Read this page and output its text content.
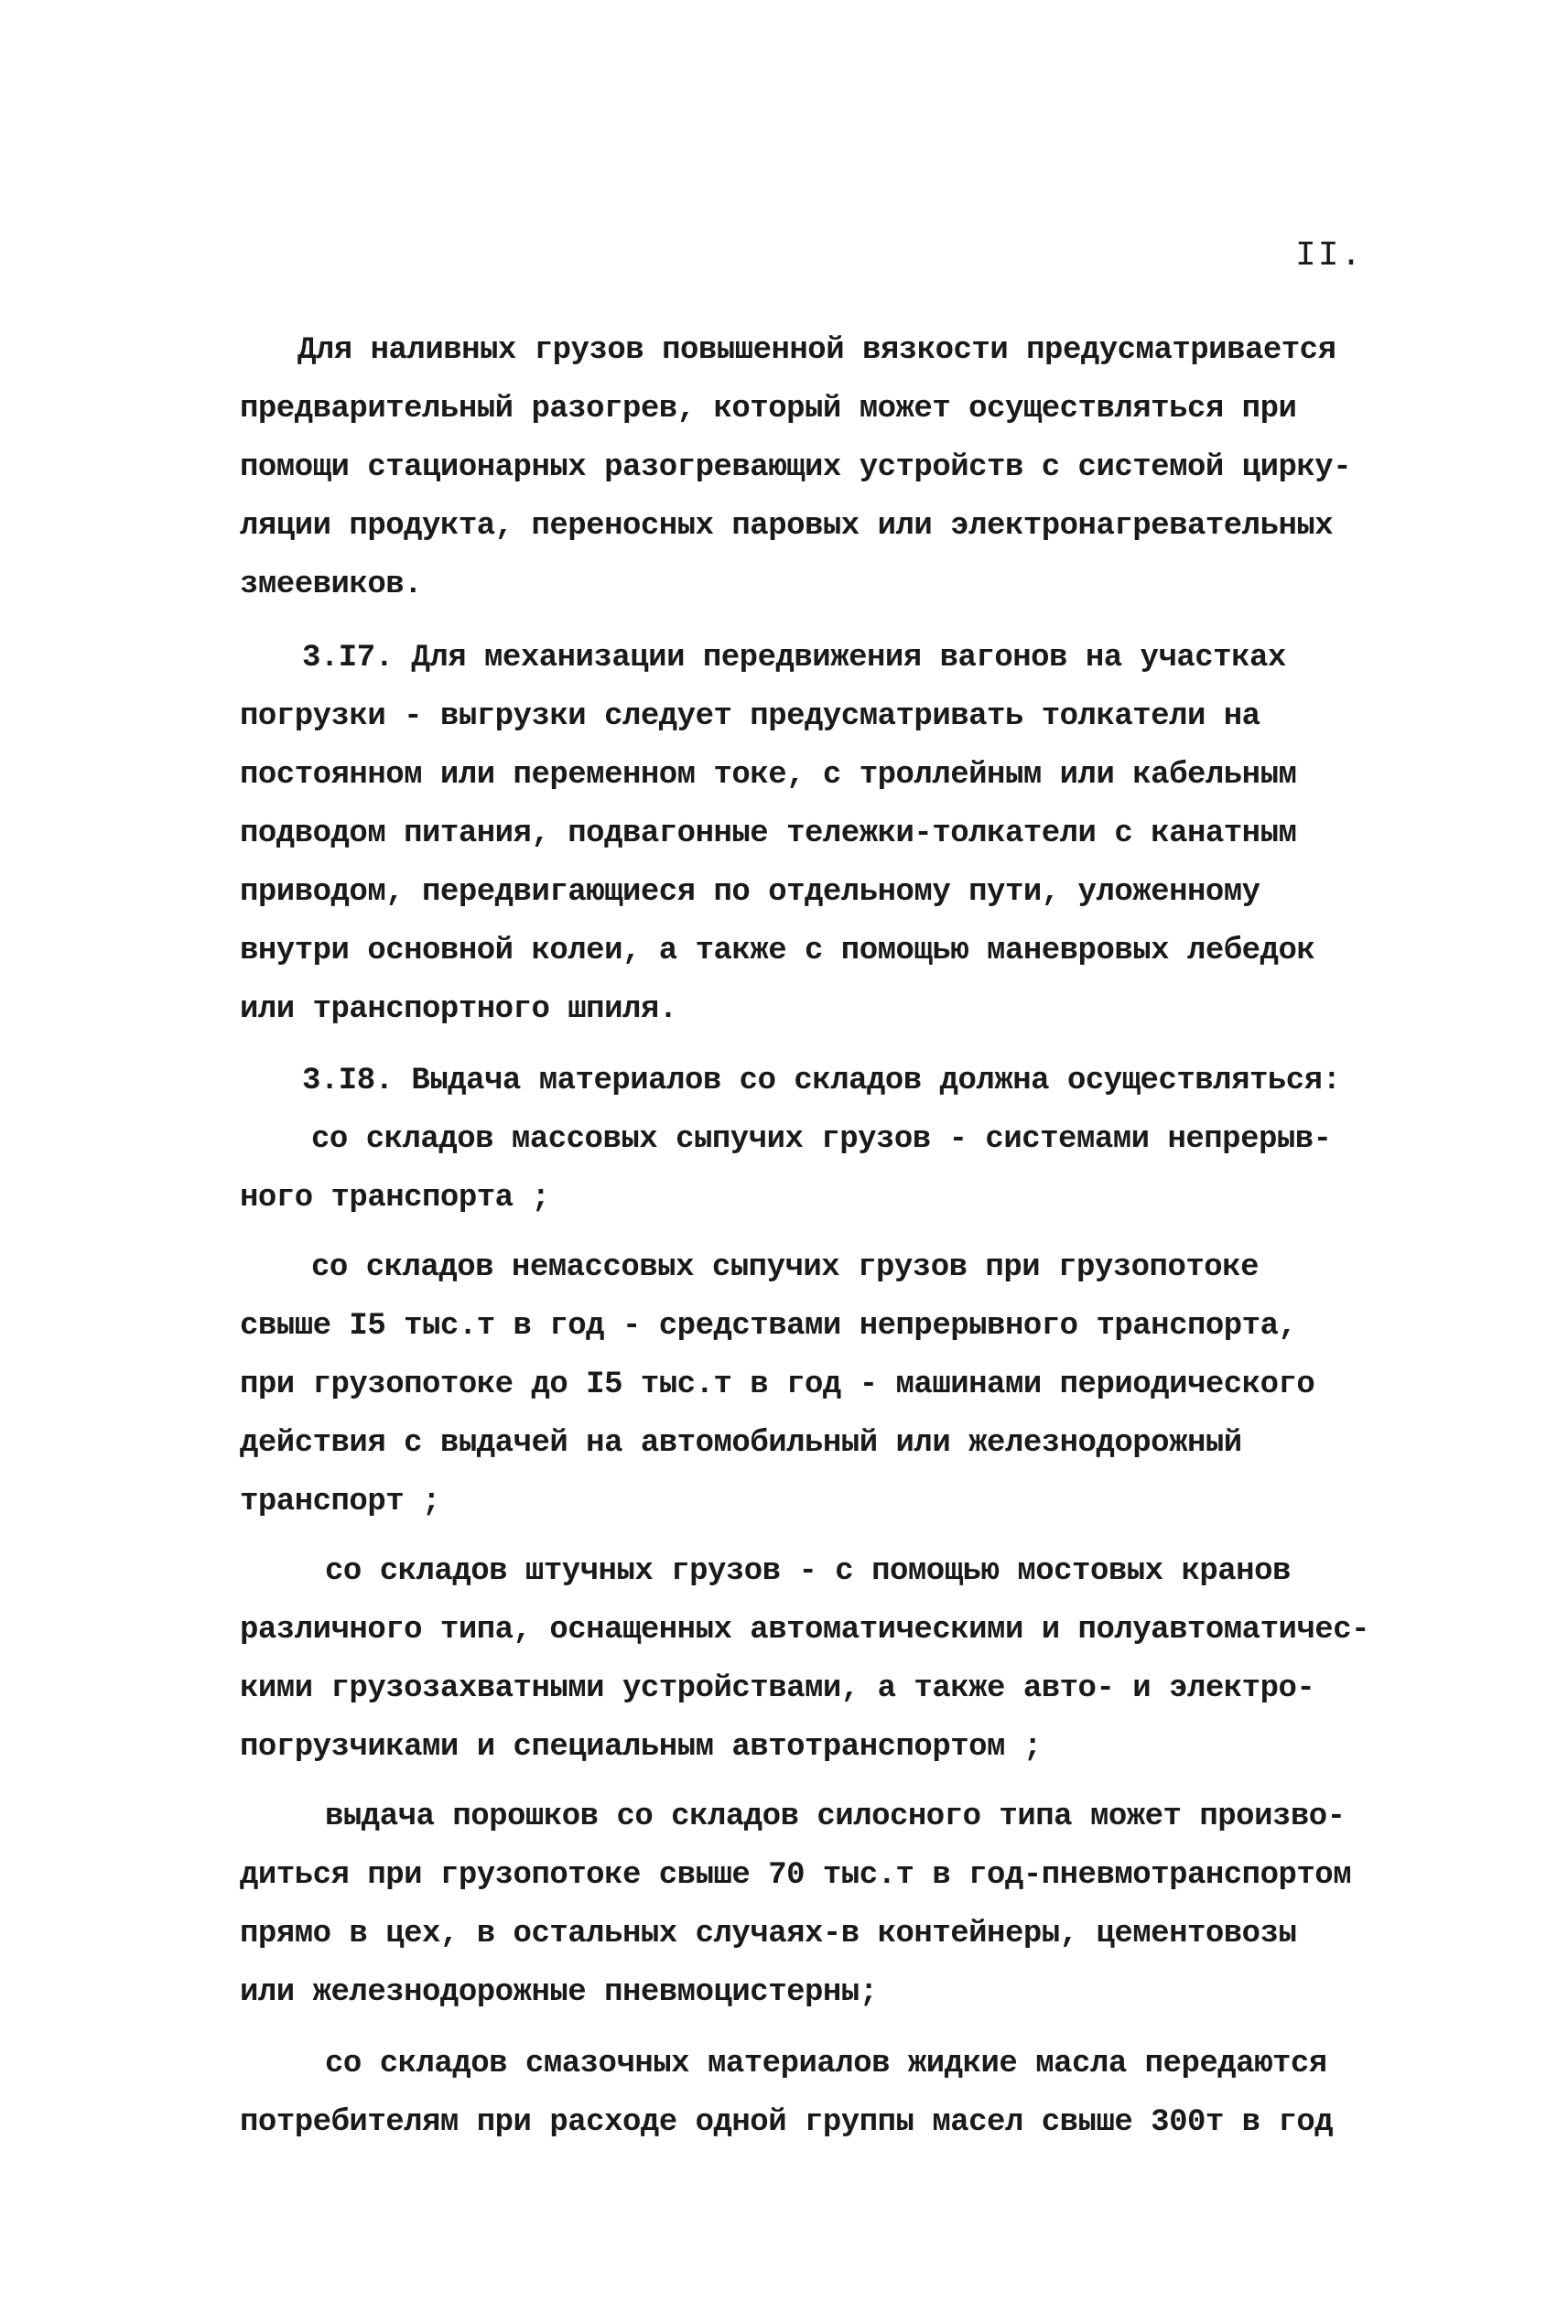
II.
Для наливных грузов повышенной вязкости предусматривается
предварительный разогрев, который может осуществляться при
помощи стационарных разогревающих устройств с системой цирку-
ляции продукта, переносных паровых или электронагревательных
змеевиков.
3.I7. Для механизации передвижения вагонов на участках
погрузки - выгрузки следует предусматривать толкатели на
постоянном или переменном токе, с троллейным или кабельным
подводом питания, подвагонные тележки-толкатели с канатным
приводом, передвигающиеся по отдельному пути, уложенному
внутри основной колеи, а также с помощью маневровых лебедок
или транспортного шпиля.
3.I8. Выдача материалов со складов должна осуществляться:
со складов массовых сыпучих грузов - системами непрерыв-
ного транспорта ;
со складов немассовых сыпучих грузов при грузопотоке
свыше I5 тыс.т в год - средствами непрерывного транспорта,
при грузопотоке до I5 тыс.т в год - машинами периодического
действия с выдачей на автомобильный или железнодорожный
транспорт ;
со складов штучных грузов - с помощью мостовых кранов
различного типа, оснащенных автоматическими и полуавтоматичес-
кими грузозахватными устройствами, а также авто- и электро-
погрузчиками и специальным автотранспортом ;
выдача порошков со складов силосного типа может произво-
диться при грузопотоке свыше 70 тыс.т в год-пневмотранспортом
прямо в цех, в остальных случаях-в контейнеры, цементовозы
или железнодорожные пневмоцистерны;
со складов смазочных материалов жидкие масла передаются
потребителям при расходе одной группы масел свыше 300т в год
